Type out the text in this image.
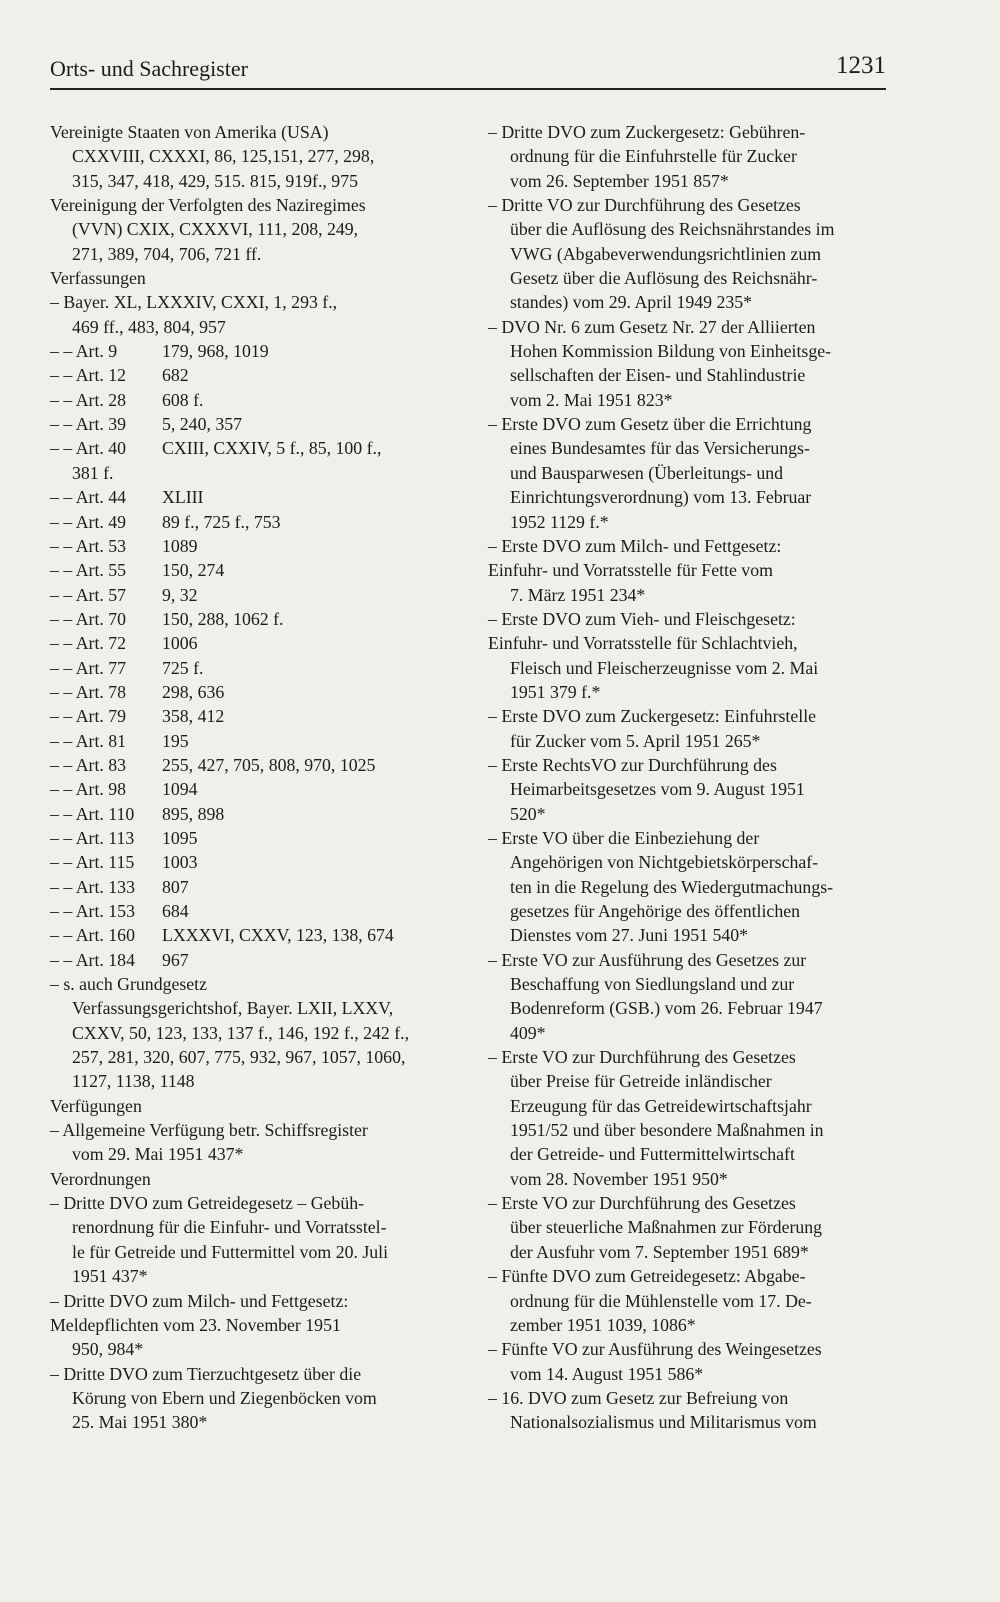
Orts- und Sachregister	1231
Vereinigte Staaten von Amerika (USA)
CXXVIII, CXXXI, 86, 125,151, 277, 298,
315, 347, 418, 429, 515. 815, 919f., 975
Vereinigung der Verfolgten des Naziregimes
(VVN) CXIX, CXXXVI, 111, 208, 249,
271, 389, 704, 706, 721 ff.
Verfassungen
– Bayer. XL, LXXXIV, CXXI, 1, 293 f.,
469 ff., 483, 804, 957
– – Art. 9	179, 968, 1019
– – Art. 12 682
– – Art. 28 608 f.
– – Art. 39 5, 240, 357
– – Art. 40 CXIII, CXXIV, 5 f., 85, 100 f.,
381 f.
– – Art. 44 XLIII
– – Art. 49 89 f., 725 f., 753
– – Art. 53 1089
– – Art. 55 150, 274
– – Art. 57 9, 32
– – Art. 70 150, 288, 1062 f.
– – Art. 72 1006
– – Art. 77 725 f.
– – Art. 78 298, 636
– – Art. 79 358, 412
– – Art. 81 195
– – Art. 83 255, 427, 705, 808, 970, 1025
– – Art. 98 1094
– – Art. 110 895, 898
– – Art. 113 1095
– – Art. 115 1003
– – Art. 133 807
– – Art. 153 684
– – Art. 160 LXXXVI, CXXV, 123, 138, 674
– – Art. 184 967
– s. auch Grundgesetz
Verfassungsgerichtshof, Bayer. LXII, LXXV,
CXXV, 50, 123, 133, 137 f., 146, 192 f., 242 f.,
257, 281, 320, 607, 775, 932, 967, 1057, 1060,
1127, 1138, 1148
Verfügungen
– Allgemeine Verfügung betr. Schiffsregister
vom 29. Mai 1951 437*
Verordnungen
– Dritte DVO zum Getreidegesetz – Gebüh-
renordnung für die Einfuhr- und Vorratsstel-
le für Getreide und Futtermittel vom 20. Juli
1951 437*
– Dritte DVO zum Milch- und Fettgesetz:
Meldepflichten vom 23. November 1951
950, 984*
– Dritte DVO zum Tierzuchtgesetz über die
Körung von Ebern und Ziegenböcken vom
25. Mai 1951 380*
– Dritte DVO zum Zuckergesetz: Gebühren-
ordnung für die Einfuhrstelle für Zucker
vom 26. September 1951 857*
– Dritte VO zur Durchführung des Gesetzes
über die Auflösung des Reichsnährstandes im
VWG (Abgabeverwendungsrichtlinien zum
Gesetz über die Auflösung des Reichsnähr-
standes) vom 29. April 1949 235*
– DVO Nr. 6 zum Gesetz Nr. 27 der Alliierten
Hohen Kommission Bildung von Einheitsge-
sellschaften der Eisen- und Stahlindustrie
vom 2. Mai 1951 823*
– Erste DVO zum Gesetz über die Errichtung
eines Bundesamtes für das Versicherungs-
und Bausparwesen (Überleitungs- und
Einrichtungsverordnung) vom 13. Februar
1952 1129 f.*
– Erste DVO zum Milch- und Fettgesetz:
Einfuhr- und Vorratsstelle für Fette vom
7. März 1951 234*
– Erste DVO zum Vieh- und Fleischgesetz:
Einfuhr- und Vorratsstelle für Schlachtvieh,
Fleisch und Fleischerzeugnisse vom 2. Mai
1951 379 f.*
– Erste DVO zum Zuckergesetz: Einfuhrstelle
für Zucker vom 5. April 1951 265*
– Erste RechtsVO zur Durchführung des
Heimarbeitsgesetzes vom 9. August 1951
520*
– Erste VO über die Einbeziehung der
Angehörigen von Nichtgebietskörperschaf-
ten in die Regelung des Wiedergutmachungs-
gesetzes für Angehörige des öffentlichen
Dienstes vom 27. Juni 1951 540*
– Erste VO zur Ausführung des Gesetzes zur
Beschaffung von Siedlungsland und zur
Bodenreform (GSB.) vom 26. Februar 1947
409*
– Erste VO zur Durchführung des Gesetzes
über Preise für Getreide inländischer
Erzeugung für das Getreidewirtschaftsjahr
1951/52 und über besondere Maßnahmen in
der Getreide- und Futtermittelwirtschaft
vom 28. November 1951 950*
– Erste VO zur Durchführung des Gesetzes
über steuerliche Maßnahmen zur Förderung
der Ausfuhr vom 7. September 1951 689*
– Fünfte DVO zum Getreidegesetz: Abgabe-
ordnung für die Mühlenstelle vom 17. De-
zember 1951 1039, 1086*
– Fünfte VO zur Ausführung des Weingesetzes
vom 14. August 1951 586*
– 16. DVO zum Gesetz zur Befreiung von
Nationalsozialismus und Militarismus vom
